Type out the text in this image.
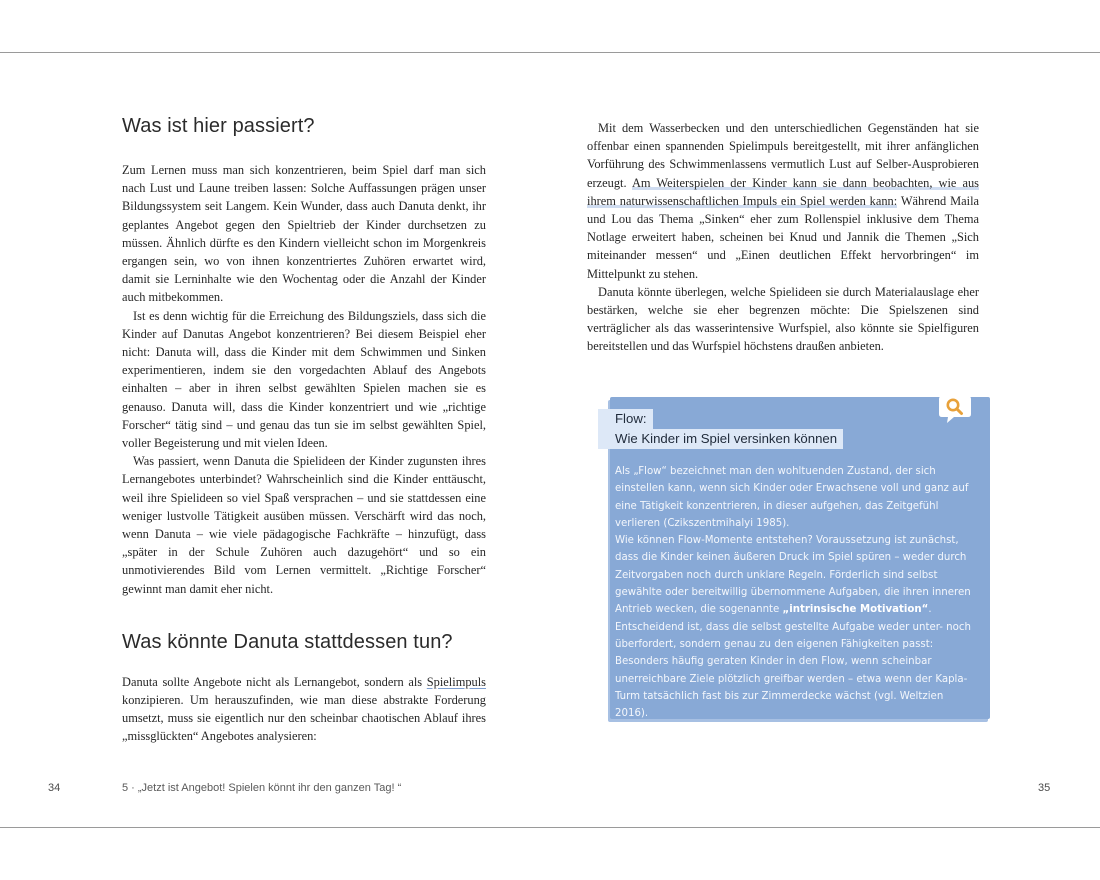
Was ist hier passiert?

Zum Lernen muss man sich konzentrieren, beim Spiel darf man sich nach Lust und Laune treiben lassen: Solche Auffassungen prägen unser Bildungssystem seit Langem. Kein Wunder, dass auch Danuta denkt, ihr geplantes Angebot gegen den Spieltrieb der Kinder durchsetzen zu müssen. Ähnlich dürfte es den Kindern vielleicht schon im Morgenkreis ergangen sein, wo von ihnen konzentriertes Zuhören erwartet wird, damit sie Lerninhalte wie den Wochentag oder die Anzahl der Kinder auch mitbekommen.

Ist es denn wichtig für die Erreichung des Bildungsziels, dass sich die Kinder auf Danutas Angebot konzentrieren? Bei diesem Beispiel eher nicht: Danuta will, dass die Kinder mit dem Schwimmen und Sinken experimentieren, indem sie den vorgedachten Ablauf des Angebots einhalten – aber in ihren selbst gewählten Spielen machen sie es genauso. Danuta will, dass die Kinder konzentriert und wie „richtige Forscher“ tätig sind – und genau das tun sie im selbst gewählten Spiel, voller Begeisterung und mit vielen Ideen.

Was passiert, wenn Danuta die Spielideen der Kinder zugunsten ihres Lernangebotes unterbindet? Wahrscheinlich sind die Kinder enttäuscht, weil ihre Spielideen so viel Spaß versprachen – und sie stattdessen eine weniger lustvolle Tätigkeit ausüben müssen. Verschärft wird das noch, wenn Danuta – wie viele pädagogische Fachkräfte – hinzufügt, dass „später in der Schule Zuhören auch dazugehört“ und so ein unmotivierendes Bild vom Lernen vermittelt. „Richtige Forscher“ gewinnt man damit eher nicht.

Was könnte Danuta stattdessen tun?

Danuta sollte Angebote nicht als Lernangebot, sondern als Spielimpuls konzipieren. Um herauszufinden, wie man diese abstrakte Forderung umsetzt, muss sie eigentlich nur den scheinbar chaotischen Ablauf ihres „missglückten“ Angebotes analysieren:

Mit dem Wasserbecken und den unterschiedlichen Gegenständen hat sie offenbar einen spannenden Spielimpuls bereitgestellt, mit ihrer anfänglichen Vorführung des Schwimmenlassens vermutlich Lust auf Selber-Ausprobieren erzeugt. Am Weiterspielen der Kinder kann sie dann beobachten, wie aus ihrem naturwissenschaftlichen Impuls ein Spiel werden kann: Während Maila und Lou das Thema „Sinken“ eher zum Rollenspiel inklusive dem Thema Notlage erweitert haben, scheinen bei Knud und Jannik die Themen „Sich miteinander messen“ und „Einen deutlichen Effekt hervorbringen“ im Mittelpunkt zu stehen.

Danuta könnte überlegen, welche Spielideen sie durch Materialauslage eher bestärken, welche sie eher begrenzen möchte: Die Spielszenen sind verträglicher als das wasserintensive Wurfspiel, also könnte sie Spielfiguren bereitstellen und das Wurfspiel höchstens draußen anbieten.

Flow:
Wie Kinder im Spiel versinken können
Als „Flow“ bezeichnet man den wohltuenden Zustand, der sich einstellen kann, wenn sich Kinder oder Erwachsene voll und ganz auf eine Tätigkeit konzentrieren, in dieser aufgehen, das Zeitgefühl verlieren (Czikszentmihalyi 1985).
Wie können Flow-Momente entstehen? Voraussetzung ist zunächst, dass die Kinder keinen äußeren Druck im Spiel spüren – weder durch Zeitvorgaben noch durch unklare Regeln. Förderlich sind selbst gewählte oder bereitwillig übernommene Aufgaben, die ihren inneren Antrieb wecken, die sogenannte „intrinsische Motivation“. Entscheidend ist, dass die selbst gestellte Aufgabe weder unter- noch überfordert, sondern genau zu den eigenen Fähigkeiten passt: Besonders häufig geraten Kinder in den Flow, wenn scheinbar unerreichbare Ziele plötzlich greifbar werden – etwa wenn der Kapla-Turm tatsächlich fast bis zur Zimmerdecke wächst (vgl. Weltzien 2016).
34	5 · „Jetzt ist Angebot! Spielen könnt ihr den ganzen Tag! “	35
